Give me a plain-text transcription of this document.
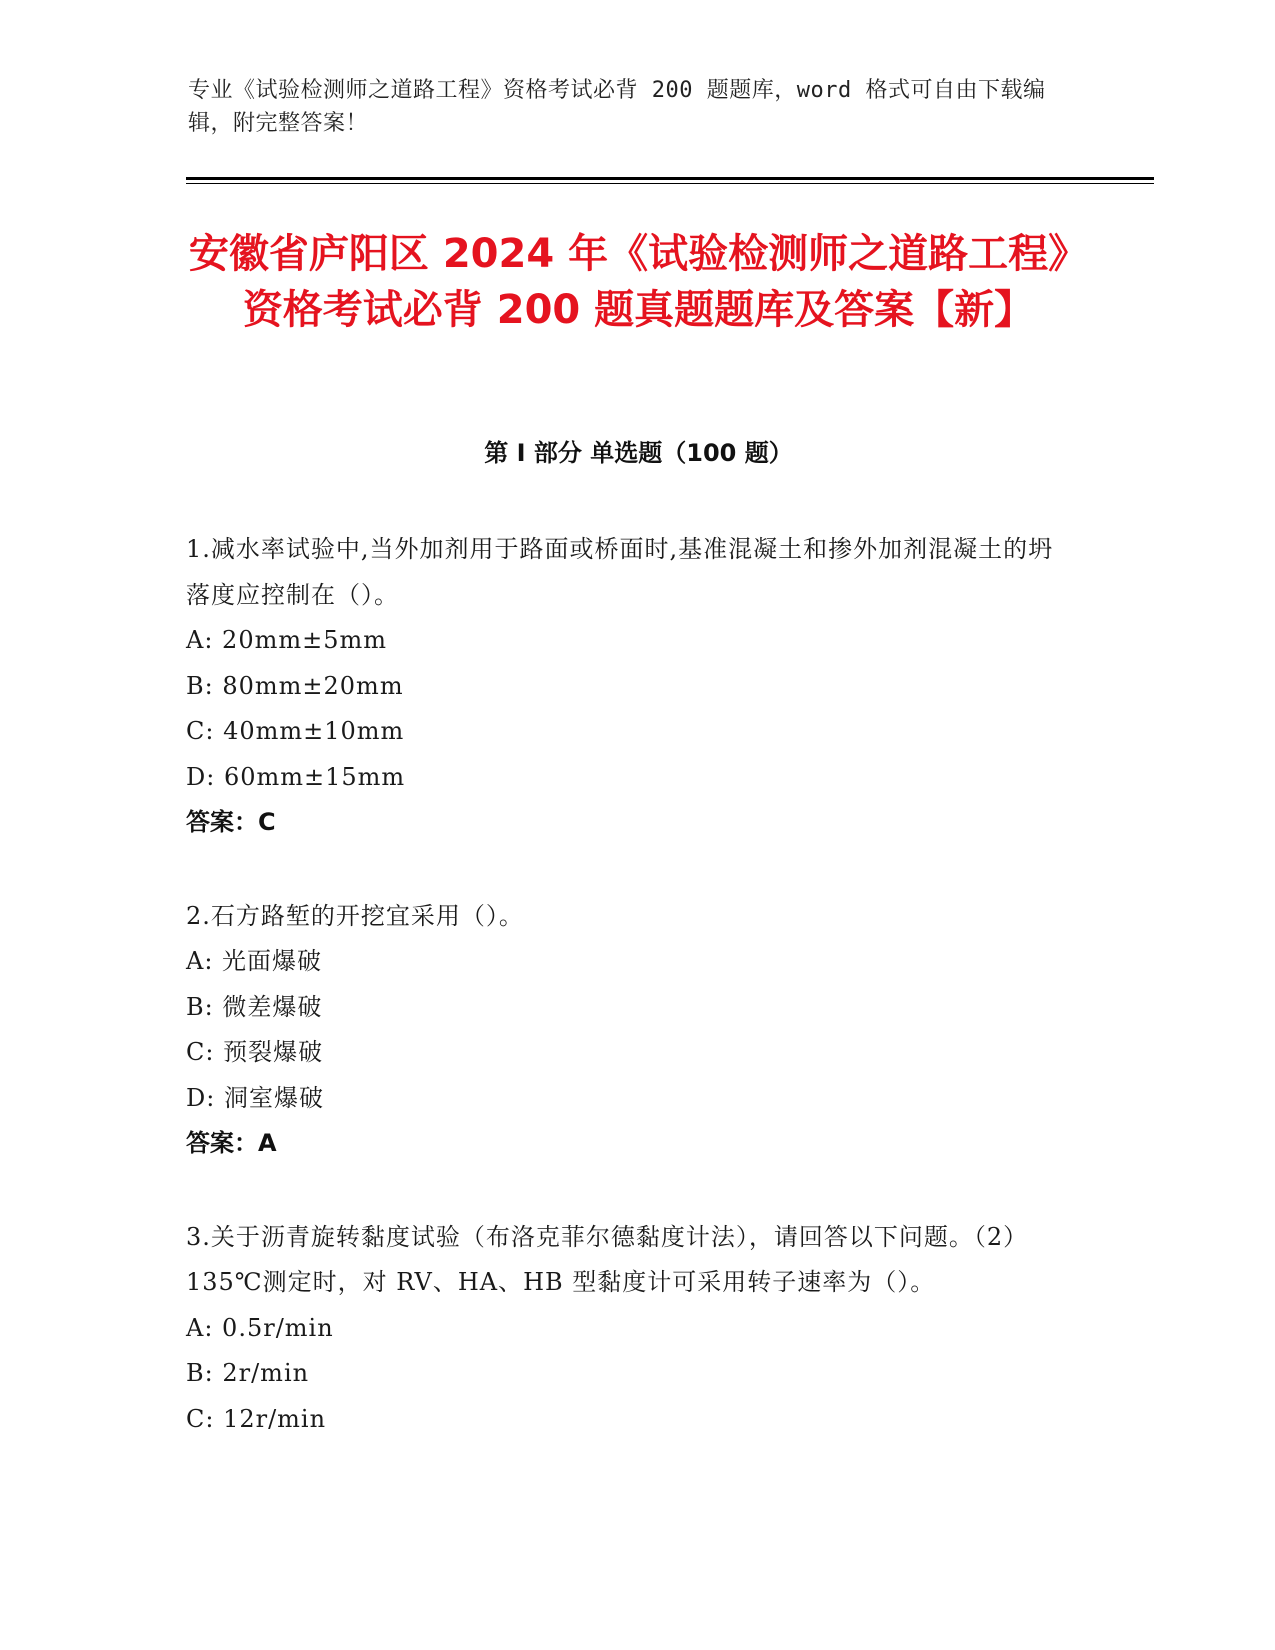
专业《试验检测师之道路工程》资格考试必背 200 题题库，word 格式可自由下载编辑，附完整答案！
安徽省庐阳区 2024 年《试验检测师之道路工程》资格考试必背 200 题真题题库及答案【新】
第 I 部分 单选题（100 题）
1.减水率试验中,当外加剂用于路面或桥面时,基准混凝土和掺外加剂混凝土的坍落度应控制在（）。
A: 20mm±5mm
B: 80mm±20mm
C: 40mm±10mm
D: 60mm±15mm
答案：C
2.石方路堑的开挖宜采用（）。
A: 光面爆破
B: 微差爆破
C: 预裂爆破
D: 洞室爆破
答案：A
3.关于沥青旋转黏度试验（布洛克菲尔德黏度计法），请回答以下问题。（2）135℃测定时，对 RV、HA、HB 型黏度计可采用转子速率为（）。
A: 0.5r/min
B: 2r/min
C: 12r/min
